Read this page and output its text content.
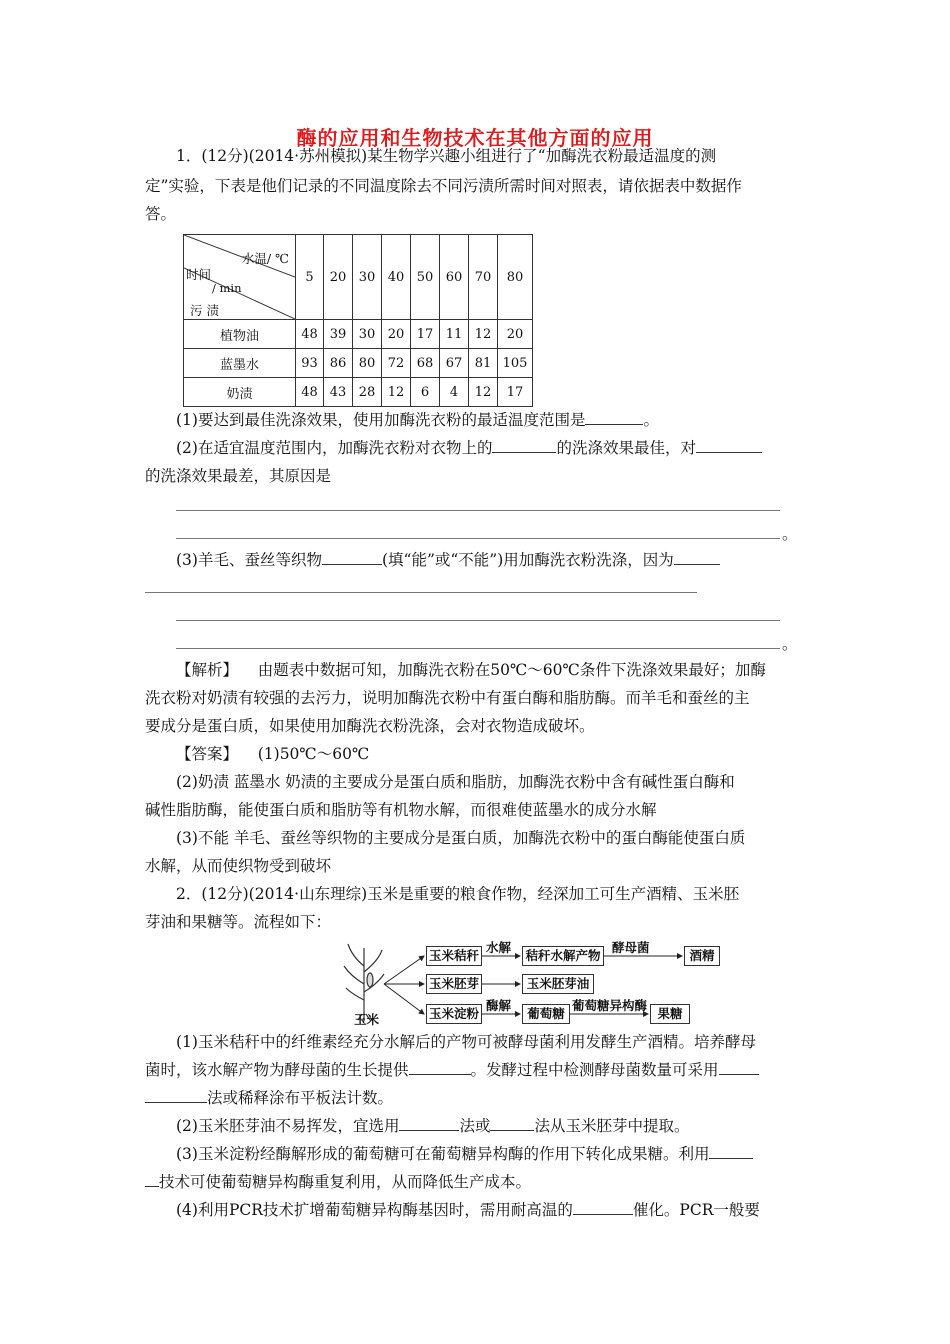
酶的应用和生物技术在其他方面的应用
1．(12分)(2014·苏州模拟)某生物学兴趣小组进行了“加酶洗衣粉最适温度的测
定”实验，下表是他们记录的不同温度除去不同污渍所需时间对照表，请依据表中数据作
答。
水温/ ℃
时间
/ min
污 渍	5	20	30	40	50	60	70	80
植物油	48	39	30	20	17	11	12	20
蓝墨水	93	86	80	72	68	67	81	105
奶渍	48	43	28	12	6	4	12	17
(1)要达到最佳洗涤效果，使用加酶洗衣粉的最适温度范围是	。
(2)在适宜温度范围内，加酶洗衣粉对衣物上的	的洗涤效果最佳，对
的洗涤效果最差，其原因是
。
(3)羊毛、蚕丝等织物	(填“能”或“不能”)用加酶洗衣粉洗涤，因为
。
【解析】 由题表中数据可知，加酶洗衣粉在50℃～60℃条件下洗涤效果最好；加酶
洗衣粉对奶渍有较强的去污力，说明加酶洗衣粉中有蛋白酶和脂肪酶。而羊毛和蚕丝的主
要成分是蛋白质，如果使用加酶洗衣粉洗涤，会对衣物造成破坏。
【答案】 (1)50℃～60℃
(2)奶渍 蓝墨水 奶渍的主要成分是蛋白质和脂肪，加酶洗衣粉中含有碱性蛋白酶和
碱性脂肪酶，能使蛋白质和脂肪等有机物水解，而很难使蓝墨水的成分水解
(3)不能 羊毛、蚕丝等织物的主要成分是蛋白质，加酶洗衣粉中的蛋白酶能使蛋白质
水解，从而使织物受到破坏
2．(12分)(2014·山东理综)玉米是重要的粮食作物，经深加工可生产酒精、玉米胚
芽油和果糖等。流程如下：
玉米
玉米秸秆
水解
秸秆水解产物
酵母菌
玉米胚芽	玉米胚芽油
玉米淀粉
酶解
葡萄糖
葡萄糖异构酶
酒精
果糖
(1)玉米秸秆中的纤维素经充分水解后的产物可被酵母菌利用发酵生产酒精。培养酵母
菌时，该水解产物为酵母菌的生长提供	。发酵过程中检测酵母菌数量可采用
法或稀释涂布平板法计数。
(2)玉米胚芽油不易挥发，宜选用	法或	法从玉米胚芽中提取。
(3)玉米淀粉经酶解形成的葡萄糖可在葡萄糖异构酶的作用下转化成果糖。利用
技术可使葡萄糖异构酶重复利用，从而降低生产成本。
(4)利用PCR技术扩增葡萄糖异构酶基因时，需用耐高温的	催化。PCR一般要
